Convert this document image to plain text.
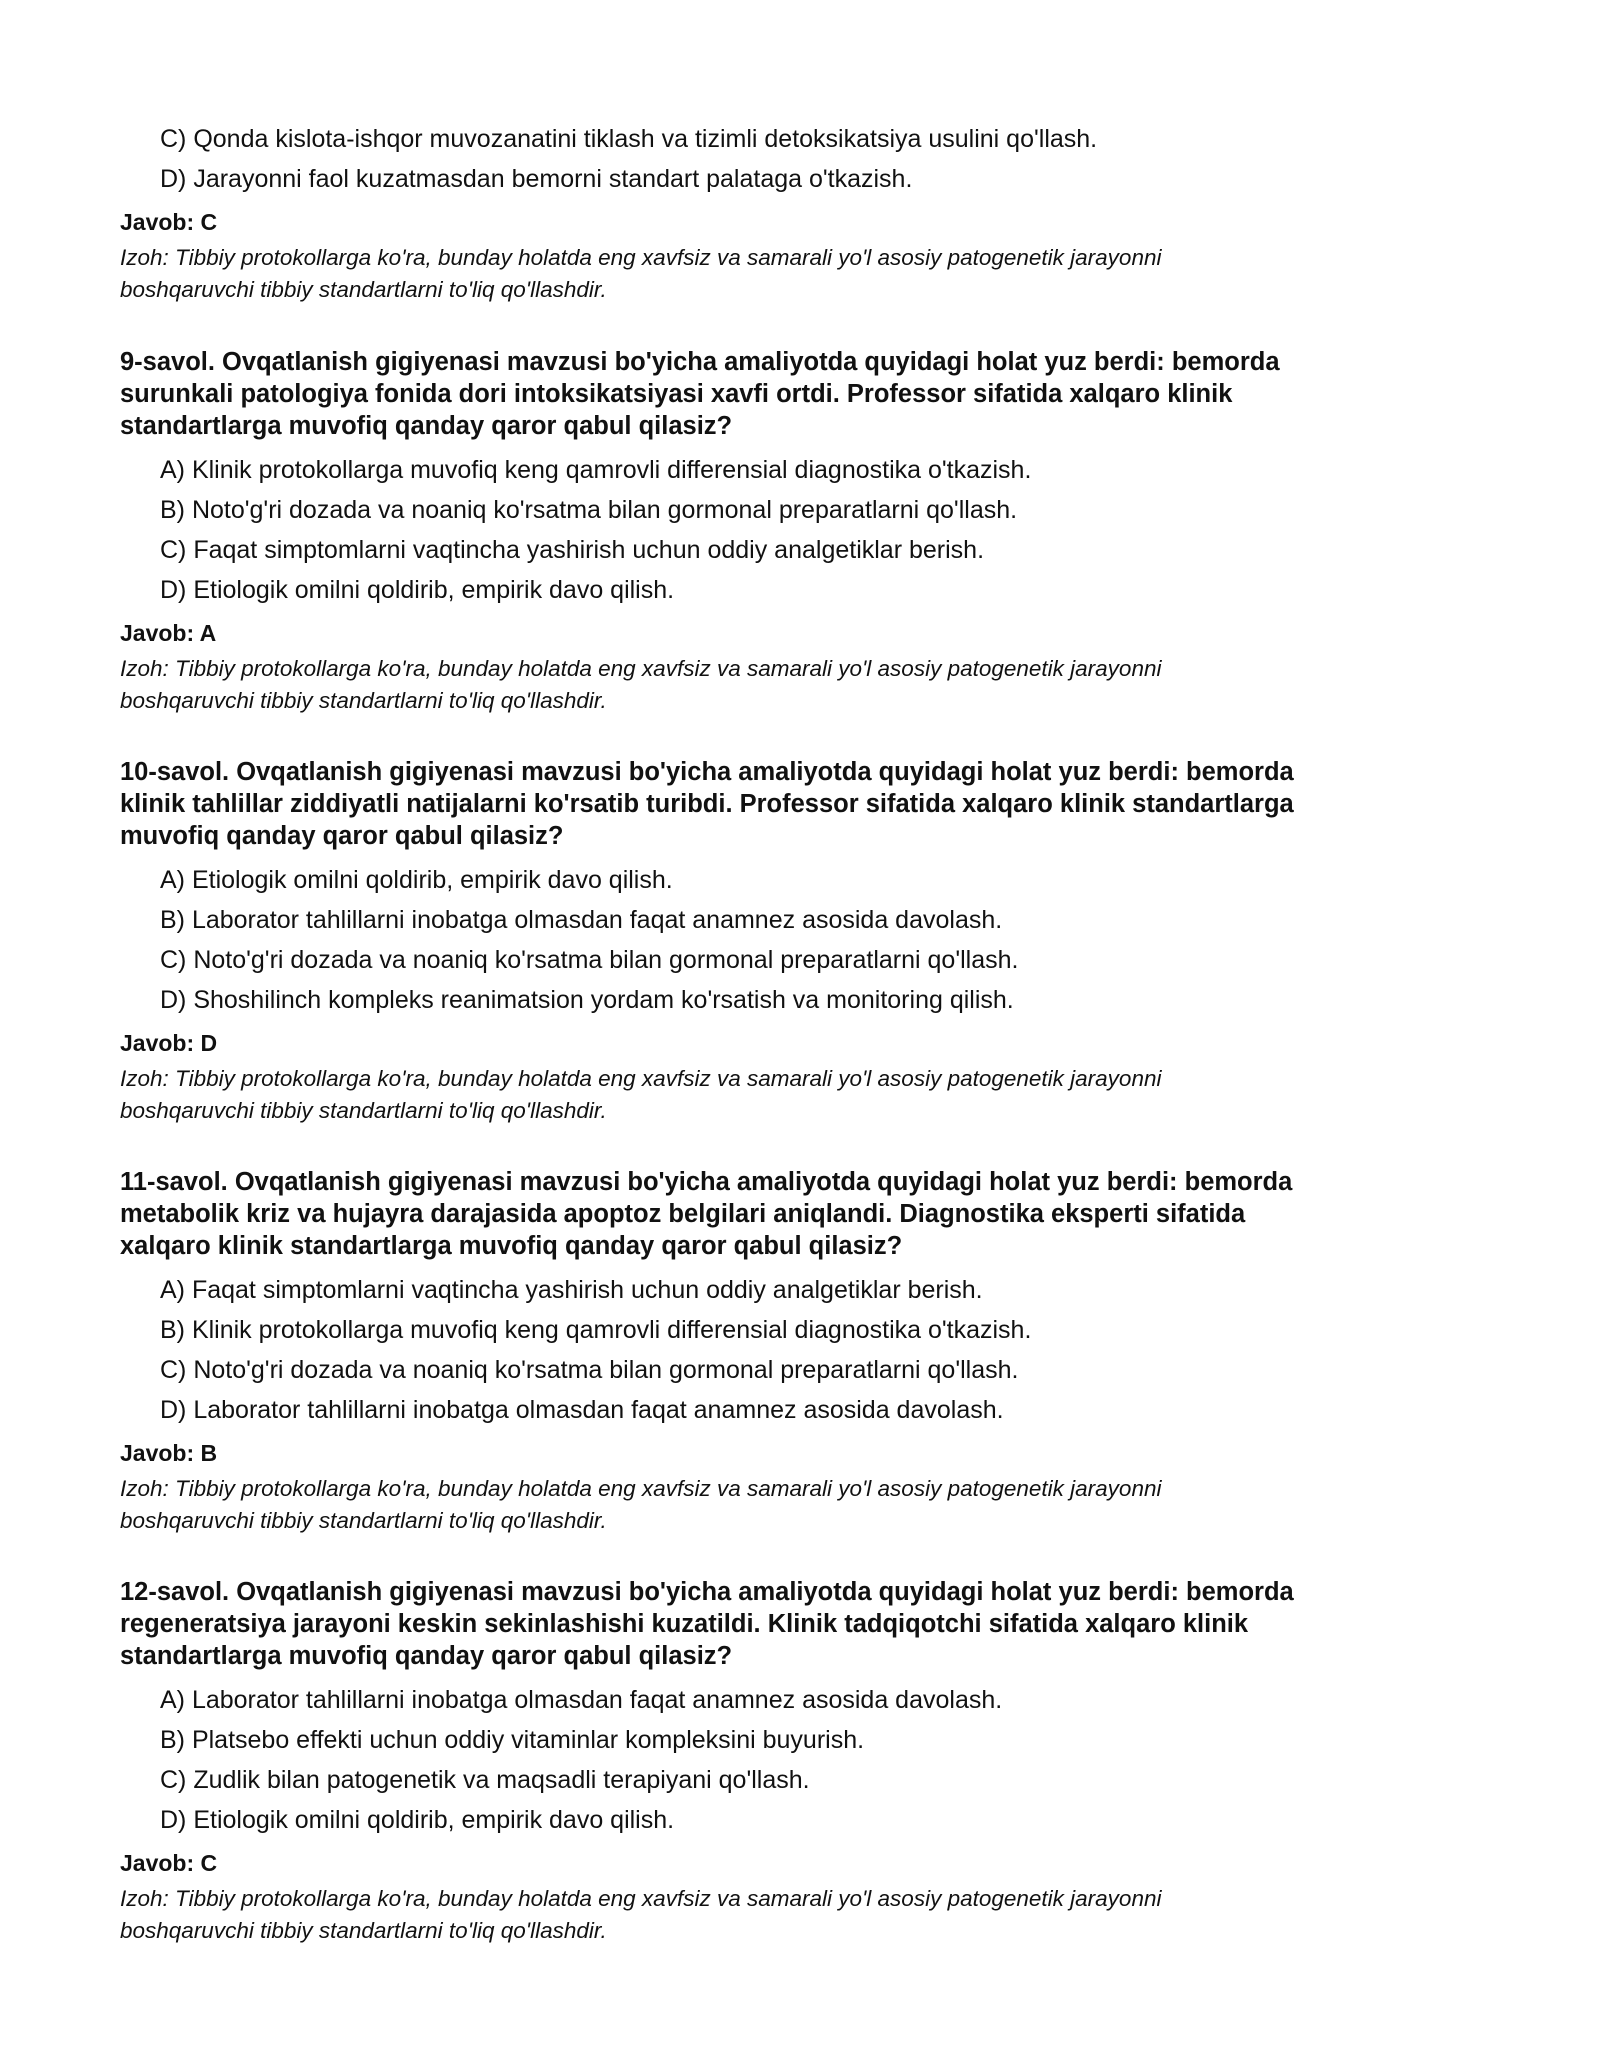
C) Qonda kislota-ishqor muvozanatini tiklash va tizimli detoksikatsiya usulini qo'llash.
D) Jarayonni faol kuzatmasdan bemorni standart palataga o'tkazish.
Javob: C
Izoh: Tibbiy protokollarga ko'ra, bunday holatda eng xavfsiz va samarali yo'l asosiy patogenetik jarayonni
boshqaruvchi tibbiy standartlarni to'liq qo'llashdir.
9-savol. Ovqatlanish gigiyenasi mavzusi bo'yicha amaliyotda quyidagi holat yuz berdi: bemorda
surunkali patologiya fonida dori intoksikatsiyasi xavfi ortdi. Professor sifatida xalqaro klinik
standartlarga muvofiq qanday qaror qabul qilasiz?
A) Klinik protokollarga muvofiq keng qamrovli differensial diagnostika o'tkazish.
B) Noto'g'ri dozada va noaniq ko'rsatma bilan gormonal preparatlarni qo'llash.
C) Faqat simptomlarni vaqtincha yashirish uchun oddiy analgetiklar berish.
D) Etiologik omilni qoldirib, empirik davo qilish.
Javob: A
Izoh: Tibbiy protokollarga ko'ra, bunday holatda eng xavfsiz va samarali yo'l asosiy patogenetik jarayonni
boshqaruvchi tibbiy standartlarni to'liq qo'llashdir.
10-savol. Ovqatlanish gigiyenasi mavzusi bo'yicha amaliyotda quyidagi holat yuz berdi: bemorda
klinik tahlillar ziddiyatli natijalarni ko'rsatib turibdi. Professor sifatida xalqaro klinik standartlarga
muvofiq qanday qaror qabul qilasiz?
A) Etiologik omilni qoldirib, empirik davo qilish.
B) Laborator tahlillarni inobatga olmasdan faqat anamnez asosida davolash.
C) Noto'g'ri dozada va noaniq ko'rsatma bilan gormonal preparatlarni qo'llash.
D) Shoshilinch kompleks reanimatsion yordam ko'rsatish va monitoring qilish.
Javob: D
Izoh: Tibbiy protokollarga ko'ra, bunday holatda eng xavfsiz va samarali yo'l asosiy patogenetik jarayonni
boshqaruvchi tibbiy standartlarni to'liq qo'llashdir.
11-savol. Ovqatlanish gigiyenasi mavzusi bo'yicha amaliyotda quyidagi holat yuz berdi: bemorda
metabolik kriz va hujayra darajasida apoptoz belgilari aniqlandi. Diagnostika eksperti sifatida
xalqaro klinik standartlarga muvofiq qanday qaror qabul qilasiz?
A) Faqat simptomlarni vaqtincha yashirish uchun oddiy analgetiklar berish.
B) Klinik protokollarga muvofiq keng qamrovli differensial diagnostika o'tkazish.
C) Noto'g'ri dozada va noaniq ko'rsatma bilan gormonal preparatlarni qo'llash.
D) Laborator tahlillarni inobatga olmasdan faqat anamnez asosida davolash.
Javob: B
Izoh: Tibbiy protokollarga ko'ra, bunday holatda eng xavfsiz va samarali yo'l asosiy patogenetik jarayonni
boshqaruvchi tibbiy standartlarni to'liq qo'llashdir.
12-savol. Ovqatlanish gigiyenasi mavzusi bo'yicha amaliyotda quyidagi holat yuz berdi: bemorda
regeneratsiya jarayoni keskin sekinlashishi kuzatildi. Klinik tadqiqotchi sifatida xalqaro klinik
standartlarga muvofiq qanday qaror qabul qilasiz?
A) Laborator tahlillarni inobatga olmasdan faqat anamnez asosida davolash.
B) Platsebo effekti uchun oddiy vitaminlar kompleksini buyurish.
C) Zudlik bilan patogenetik va maqsadli terapiyani qo'llash.
D) Etiologik omilni qoldirib, empirik davo qilish.
Javob: C
Izoh: Tibbiy protokollarga ko'ra, bunday holatda eng xavfsiz va samarali yo'l asosiy patogenetik jarayonni
boshqaruvchi tibbiy standartlarni to'liq qo'llashdir.
